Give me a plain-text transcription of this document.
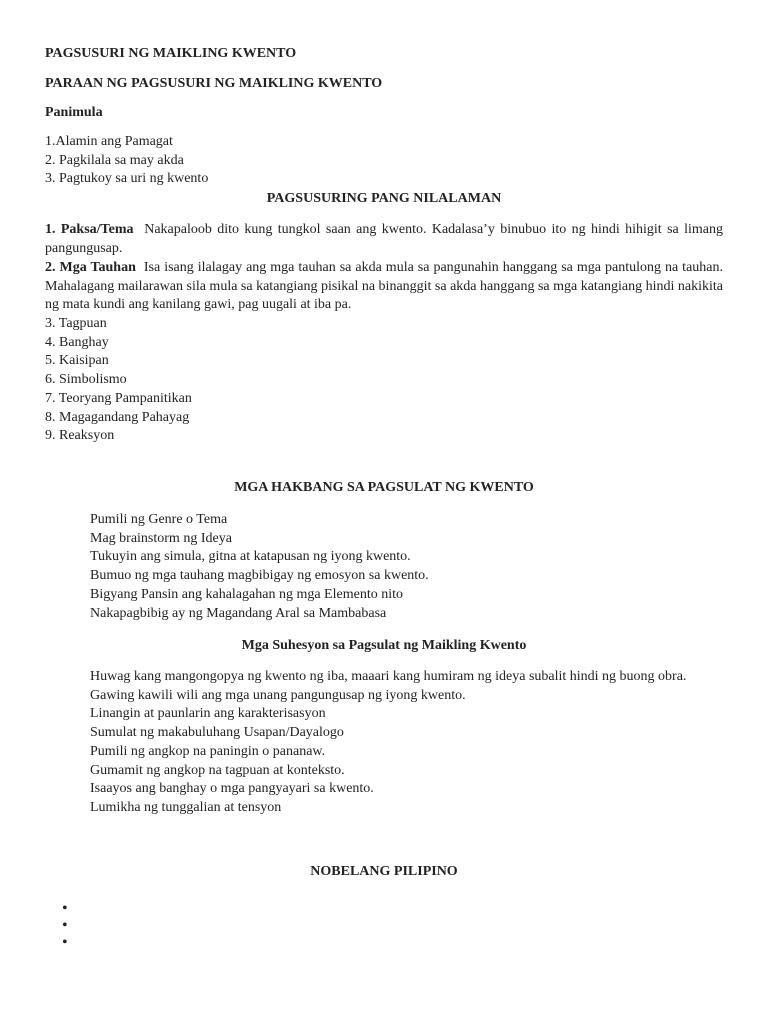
PAGSUSURI NG MAIKLING KWENTO
PARAAN NG PAGSUSURI NG MAIKLING KWENTO
Panimula
1.Alamin ang Pamagat
2. Pagkilala sa may akda
3. Pagtukoy sa uri ng kwento
PAGSUSURING PANG NILALAMAN
1. Paksa/Tema Nakapaloob dito kung tungkol saan ang kwento. Kadalasa’y binubuo ito ng hindi hihigit sa limang pangungusap.
2. Mga Tauhan Isa isang ilalagay ang mga tauhan sa akda mula sa pangunahin hanggang sa mga pantulong na tauhan. Mahalagang mailarawan sila mula sa katangiang pisikal na binanggit sa akda hanggang sa mga katangiang hindi nakikita ng mata kundi ang kanilang gawi, pag uugali at iba pa.
3. Tagpuan
4. Banghay
5. Kaisipan
6. Simbolismo
7. Teoryang Pampanitikan
8. Magagandang Pahayag
9. Reaksyon
MGA HAKBANG SA PAGSULAT NG KWENTO
Pumili ng Genre o Tema
Mag brainstorm ng Ideya
Tukuyin ang simula, gitna at katapusan ng iyong kwento.
Bumuo ng mga tauhang magbibigay ng emosyon sa kwento.
Bigyang Pansin ang kahalagahan ng mga Elemento nito
Nakapagbibig ay ng Magandang Aral sa Mambabasa
Mga Suhesyon sa Pagsulat ng Maikling Kwento
Huwag kang mangongopya ng kwento ng iba, maaari kang humiram ng ideya subalit hindi ng buong obra.
Gawing kawili wili ang mga unang pangungusap ng iyong kwento.
Linangin at paunlarin ang karakterisasyon
Sumulat ng makabuluhang Usapan/Dayalogo
Pumili ng angkop na paningin o pananaw.
Gumamit ng angkop na tagpuan at konteksto.
Isaayos ang banghay o mga pangyayari sa kwento.
Lumikha ng tunggalian at tensyon
NOBELANG PILIPINO
•
•
•
